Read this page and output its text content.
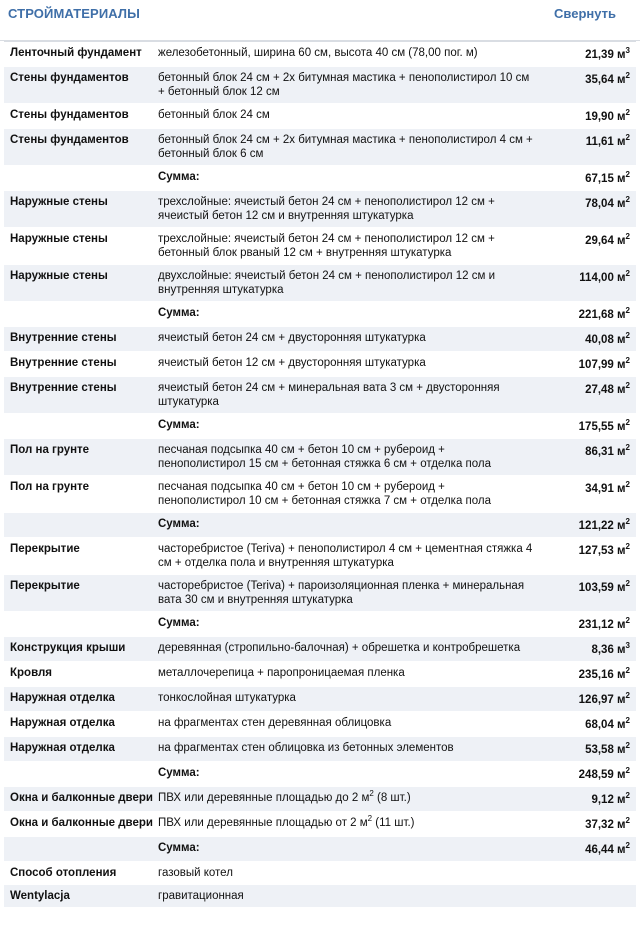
СТРОЙМАТЕРИАЛЫ	Свернуть
Ленточный фундамент	железобетонный, ширина 60 см, высота 40 см (78,00 пог. м)	21,39 $м^3$
Стены фундаментов	бетонный блок 24 см + 2x битумная мастика + пенополистирол 10 см + бетонный блок 12 см	35,64 $м^2$
Стены фундаментов	бетонный блок 24 см	19,90 $м^2$
Стены фундаментов	бетонный блок 24 см + 2x битумная мастика + пенополистирол 4 см + бетонный блок 6 см	11,61 $м^2$
	Сумма:	67,15 $м^2$
Наружные стены	трехслойные: ячеистый бетон 24 см + пенополистирол 12 см + ячеистый бетон 12 см и внутренняя штукатурка	78,04 $м^2$
Наружные стены	трехслойные: ячеистый бетон 24 см + пенополистирол 12 см + бетонный блок рваный 12 см + внутренняя штукатурка	29,64 $м^2$
Наружные стены	двухслойные: ячеистый бетон 24 см + пенополистирол 12 см и внутренняя штукатурка	114,00 $м^2$
	Сумма:	221,68 $м^2$
Внутренние стены	ячеистый бетон 24 см + двусторонняя штукатурка	40,08 $м^2$
Внутренние стены	ячеистый бетон 12 см + двусторонняя штукатурка	107,99 $м^2$
Внутренние стены	ячеистый бетон 24 см + минеральная вата 3 см + двусторонняя штукатурка	27,48 $м^2$
	Сумма:	175,55 $м^2$
Пол на грунте	песчаная подсыпка 40 см + бетон 10 см + рубероид + пенополистирол 15 см + бетонная стяжка 6 см + отделка пола	86,31 $м^2$
Пол на грунте	песчаная подсыпка 40 см + бетон 10 см + рубероид + пенополистирол 10 см + бетонная стяжка 7 см + отделка пола	34,91 $м^2$
	Сумма:	121,22 $м^2$
Перекрытие	часторебристое (Teriva) + пенополистирол 4 см + цементная стяжка 4 см + отделка пола и внутренняя штукатурка	127,53 $м^2$
Перекрытие	часторебристое (Teriva) + пароизоляционная пленка + минеральная вата 30 см и внутренняя штукатурка	103,59 $м^2$
	Сумма:	231,12 $м^2$
Конструкция крыши	деревянная (стропильно-балочная) + обрешетка и контробрешетка	8,36 $м^3$
Кровля	металлочерепица + паропроницаемая пленка	235,16 $м^2$
Наружная отделка	тонкослойная штукатурка	126,97 $м^2$
Наружная отделка	на фрагментах стен деревянная облицовка	68,04 $м^2$
Наружная отделка	на фрагментах стен облицовка из бетонных элементов	53,58 $м^2$
	Сумма:	248,59 $м^2$
Окна и балконные двери	ПВХ или деревянные площадью до 2 $м^2$ (8 шт.)	9,12 $м^2$
Окна и балконные двери	ПВХ или деревянные площадью от 2 $м^2$ (11 шт.)	37,32 $м^2$
	Сумма:	46,44 $м^2$
Способ отопления	газовый котел	
Wentylacja	гравитационная	
